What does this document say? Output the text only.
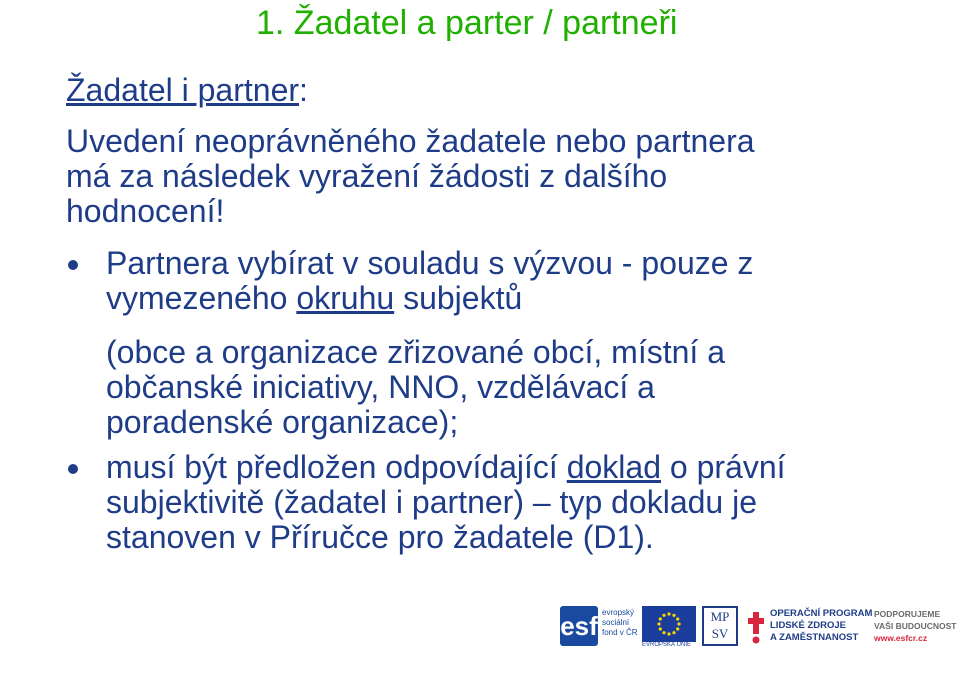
1. Žadatel a parter / partneři
Žadatel i partner:
Uvedení neoprávněného žadatele nebo partnera
má za následek vyražení žádosti z dalšího
hodnocení!
Partnera vybírat v souladu s výzvou - pouze z
vymezeného okruhu subjektů
(obce a organizace zřizované obcí, místní a
občanské iniciativy, NNO, vzdělávací a
poradenské organizace);
musí být předložen odpovídající doklad o právní
subjektivitě (žadatel i partner) – typ dokladu je
stanoven v Příručce pro žadatele (D1).
esf evropský
sociální
fond v ČR
EVROPSKÁ UNIE
MP
SV
OPERAČNÍ PROGRAM
LIDSKÉ ZDROJE
A ZAMĚSTNANOST
PODPORUJEME
VAŠI BUDOUCNOST
www.esfcr.cz
